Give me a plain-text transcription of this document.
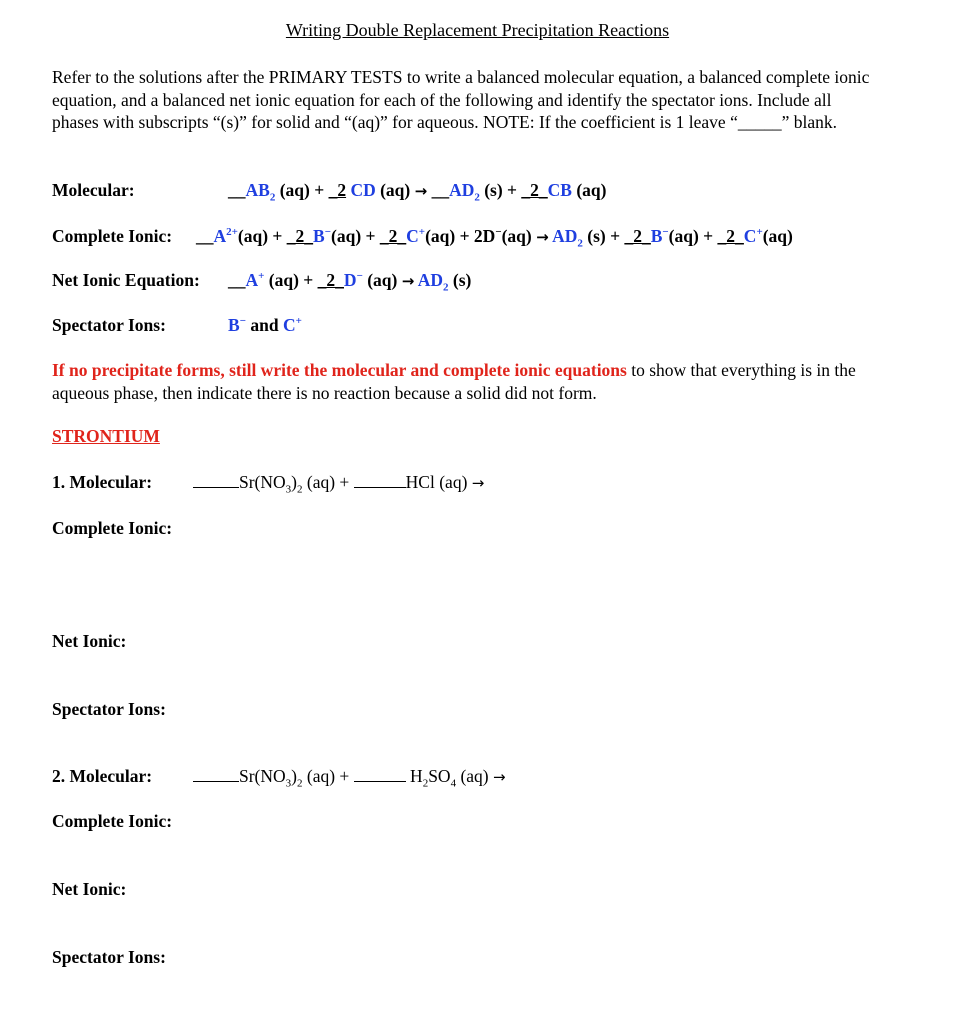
Writing Double Replacement Precipitation Reactions
Refer to the solutions after the PRIMARY TESTS to write a balanced molecular equation, a balanced complete ionic equation, and a balanced net ionic equation for each of the following and identify the spectator ions. Include all phases with subscripts “(s)” for solid and “(aq)” for aqueous. NOTE: If the coefficient is 1 leave “_____” blank.
Molecular:	$\_\_AB_2$ (aq) + _2 CD $(aq) \to \_\_AD_2$ (s) + _2_CB (aq)
Complete Ionic: $\_\_A^{2+}(aq)$ + _2_B−(aq) + _2_C+(aq) + $2D^-(aq) \to AD_2$ (s) + _2_B−(aq) + _2_C+(aq)
Net Ionic Equation: __A+ (aq) + _2_D− $(aq) \to AD_2$ (s)
Spectator Ions:	B− and C+
If no precipitate forms, still write the molecular and complete ionic equations to show that everything is in the aqueous phase, then indicate there is no reaction because a solid did not form.
STRONTIUM
1. Molecular:	$Sr(NO_3)_2$ (aq) +	HCl (aq) →
Complete Ionic:
Net Ionic:
Spectator Ions:
2. Molecular:	$Sr(NO_3)_2$ (aq) +	$H_2SO_4$ (aq) →
Complete Ionic:
Net Ionic:
Spectator Ions:
